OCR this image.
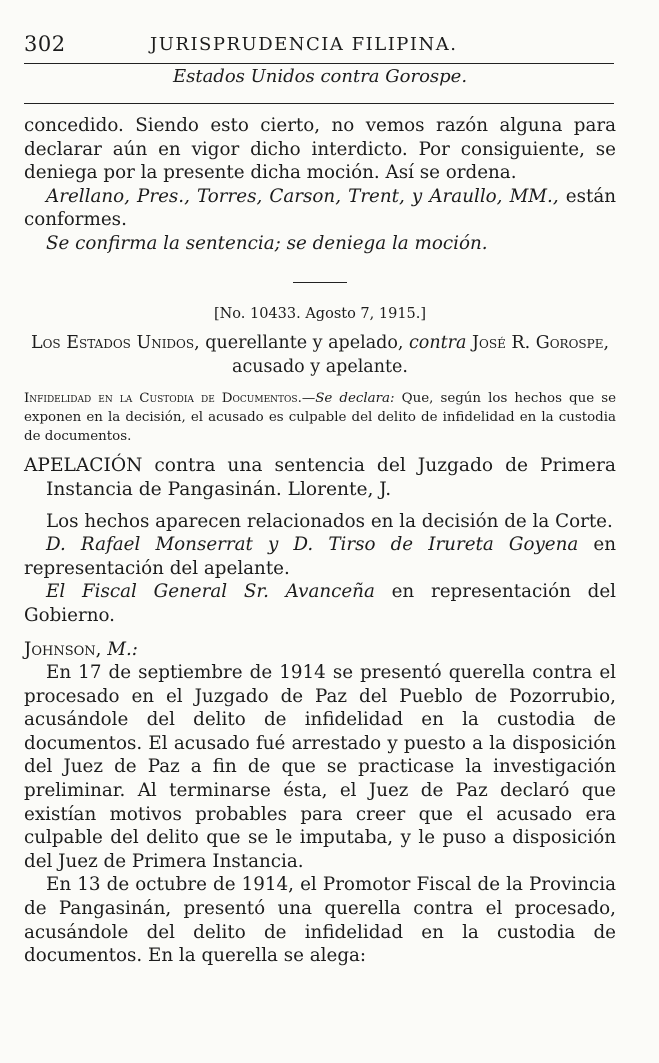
302	JURISPRUDENCIA FILIPINA.
Estados Unidos contra Gorospe.

concedido. Siendo esto cierto, no vemos razón alguna para declarar aún en vigor dicho interdicto. Por consiguiente, se deniega por la presente dicha moción. Así se ordena.

Arellano, Pres., Torres, Carson, Trent, y Araullo, MM., están conformes.

Se confirma la sentencia; se deniega la moción.

[No. 10433. Agosto 7, 1915.]

Los Estados Unidos, querellante y apelado, contra José R. Gorospe, acusado y apelante.

Infidelidad en la Custodia de Documentos.—Se declara: Que, según los hechos que se exponen en la decisión, el acusado es culpable del delito de infidelidad en la custodia de documentos.

APELACIÓN contra una sentencia del Juzgado de Primera Instancia de Pangasinán. Llorente, J.

Los hechos aparecen relacionados en la decisión de la Corte.

D. Rafael Monserrat y D. Tirso de Irureta Goyena en representación del apelante.

El Fiscal General Sr. Avanceña en representación del Gobierno.

Johnson, M.:

En 17 de septiembre de 1914 se presentó querella contra el procesado en el Juzgado de Paz del Pueblo de Pozorrubio, acusándole del delito de infidelidad en la custodia de documentos. El acusado fué arrestado y puesto a la disposición del Juez de Paz a fin de que se practicase la investigación preliminar. Al terminarse ésta, el Juez de Paz declaró que existían motivos probables para creer que el acusado era culpable del delito que se le imputaba, y le puso a disposición del Juez de Primera Instancia.

En 13 de octubre de 1914, el Promotor Fiscal de la Provincia de Pangasinán, presentó una querella contra el procesado, acusándole del delito de infidelidad en la custodia de documentos. En la querella se alega:
